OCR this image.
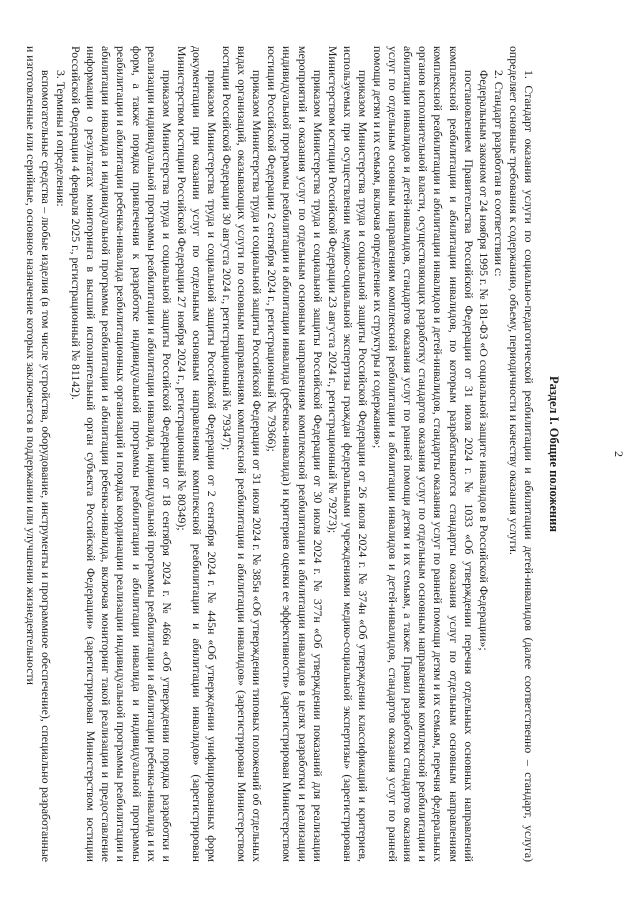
2
Раздел I. Общие положения

1. Стандарт оказания услуги по социально-педагогической реабилитации и абилитации детей-инвалидов (далее соответственно – стандарт, услуга) определяет основные требования к содержанию, объему, периодичности и качеству оказания услуги.

2. Стандарт разработан в соответствии с:

Федеральным законом от 24 ноября 1995 г. № 181-ФЗ «О социальной защите инвалидов в Российской Федерации»;

постановлением Правительства Российской Федерации от 31 июля 2024 г. № 1033 «Об утверждении перечня отдельных основных направлений комплексной реабилитации и абилитации инвалидов, по которым разрабатываются стандарты оказания услуг по отдельным основным направлениям комплексной реабилитации и абилитации инвалидов и детей-инвалидов, стандарты оказания услуг по ранней помощи детям и их семьям, перечня федеральных органов исполнительной власти, осуществляющих разработку стандартов оказания услуг по отдельным основным направлениям комплексной реабилитации и абилитации инвалидов и детей-инвалидов, стандартов оказания услуг по ранней помощи детям и их семьям, а также Правил разработки стандартов оказания услуг по отдельным основным направлениям комплексной реабилитации и абилитации инвалидов и детей-инвалидов, стандартов оказания услуг по ранней помощи детям и их семьям, включая определение их структуры и содержания»;

приказом Министерства труда и социальной защиты Российской Федерации от 26 июля 2024 г. № 374н «Об утверждении классификаций и критериев, используемых при осуществлении медико-социальной экспертизы граждан федеральными учреждениями медико-социальной экспертизы» (зарегистрирован Министерством юстиции Российской Федерации 23 августа 2024 г., регистрационный № 79273);

приказом Министерства труда и социальной защиты Российской Федерации от 30 июля 2024 г. № 377н «Об утверждении показаний для реализации мероприятий и оказания услуг по отдельным основным направлениям комплексной реабилитации и абилитации инвалидов в целях разработки и реализации индивидуальной программы реабилитации и абилитации инвалида (ребенка-инвалида) и критериев оценки ее эффективности» (зарегистрирован Министерством юстиции Российской Федерации 2 сентября 2024 г., регистрационный № 79366);

приказом Министерства труда и социальной защиты Российской Федерации от 31 июля 2024 г. № 385н «Об утверждении типовых положений об отдельных видах организаций, оказывающих услуги по основным направлениям комплексной реабилитации и абилитации инвалидов» (зарегистрирован Министерством юстиции Российской Федерации 30 августа 2024 г., регистрационный № 79347);

приказом Министерства труда и социальной защиты Российской Федерации от 2 сентября 2024 г. № 445н «Об утверждении унифицированных форм документации при оказании услуг по отдельным основным направлениям комплексной реабилитации и абилитации инвалидов» (зарегистрирован Министерством юстиции Российской Федерации 27 ноября 2024 г., регистрационный № 80349);

приказом Министерства труда и социальной защиты Российской Федерации от 18 сентября 2024 г. № 466н «Об утверждении порядка разработки и реализации индивидуальной программы реабилитации и абилитации инвалида, индивидуальной программы реабилитации и абилитации ребенка-инвалида и их форм, а также порядка привлечения к разработке индивидуальной программы реабилитации и абилитации инвалида и индивидуальной программы реабилитации и абилитации ребенка-инвалида реабилитационных организаций и порядка координации реализации индивидуальной программы реабилитации и абилитации инвалида и индивидуальной программы реабилитации и абилитации ребенка-инвалида, включая мониторинг такой реализации и предоставление информации о результатах мониторинга в высший исполнительный орган субъекта Российской Федерации» (зарегистрирован Министерством юстиции Российской Федерации 4 февраля 2025 г., регистрационный № 81142).

3. Термины и определения:

вспомогательные средства – любые изделия (в том числе устройства, оборудование, инструменты и программное обеспечение), специально разработанные и изготовленные или серийные, основное назначение которых заключается в поддержании или улучшении жизнедеятельности
